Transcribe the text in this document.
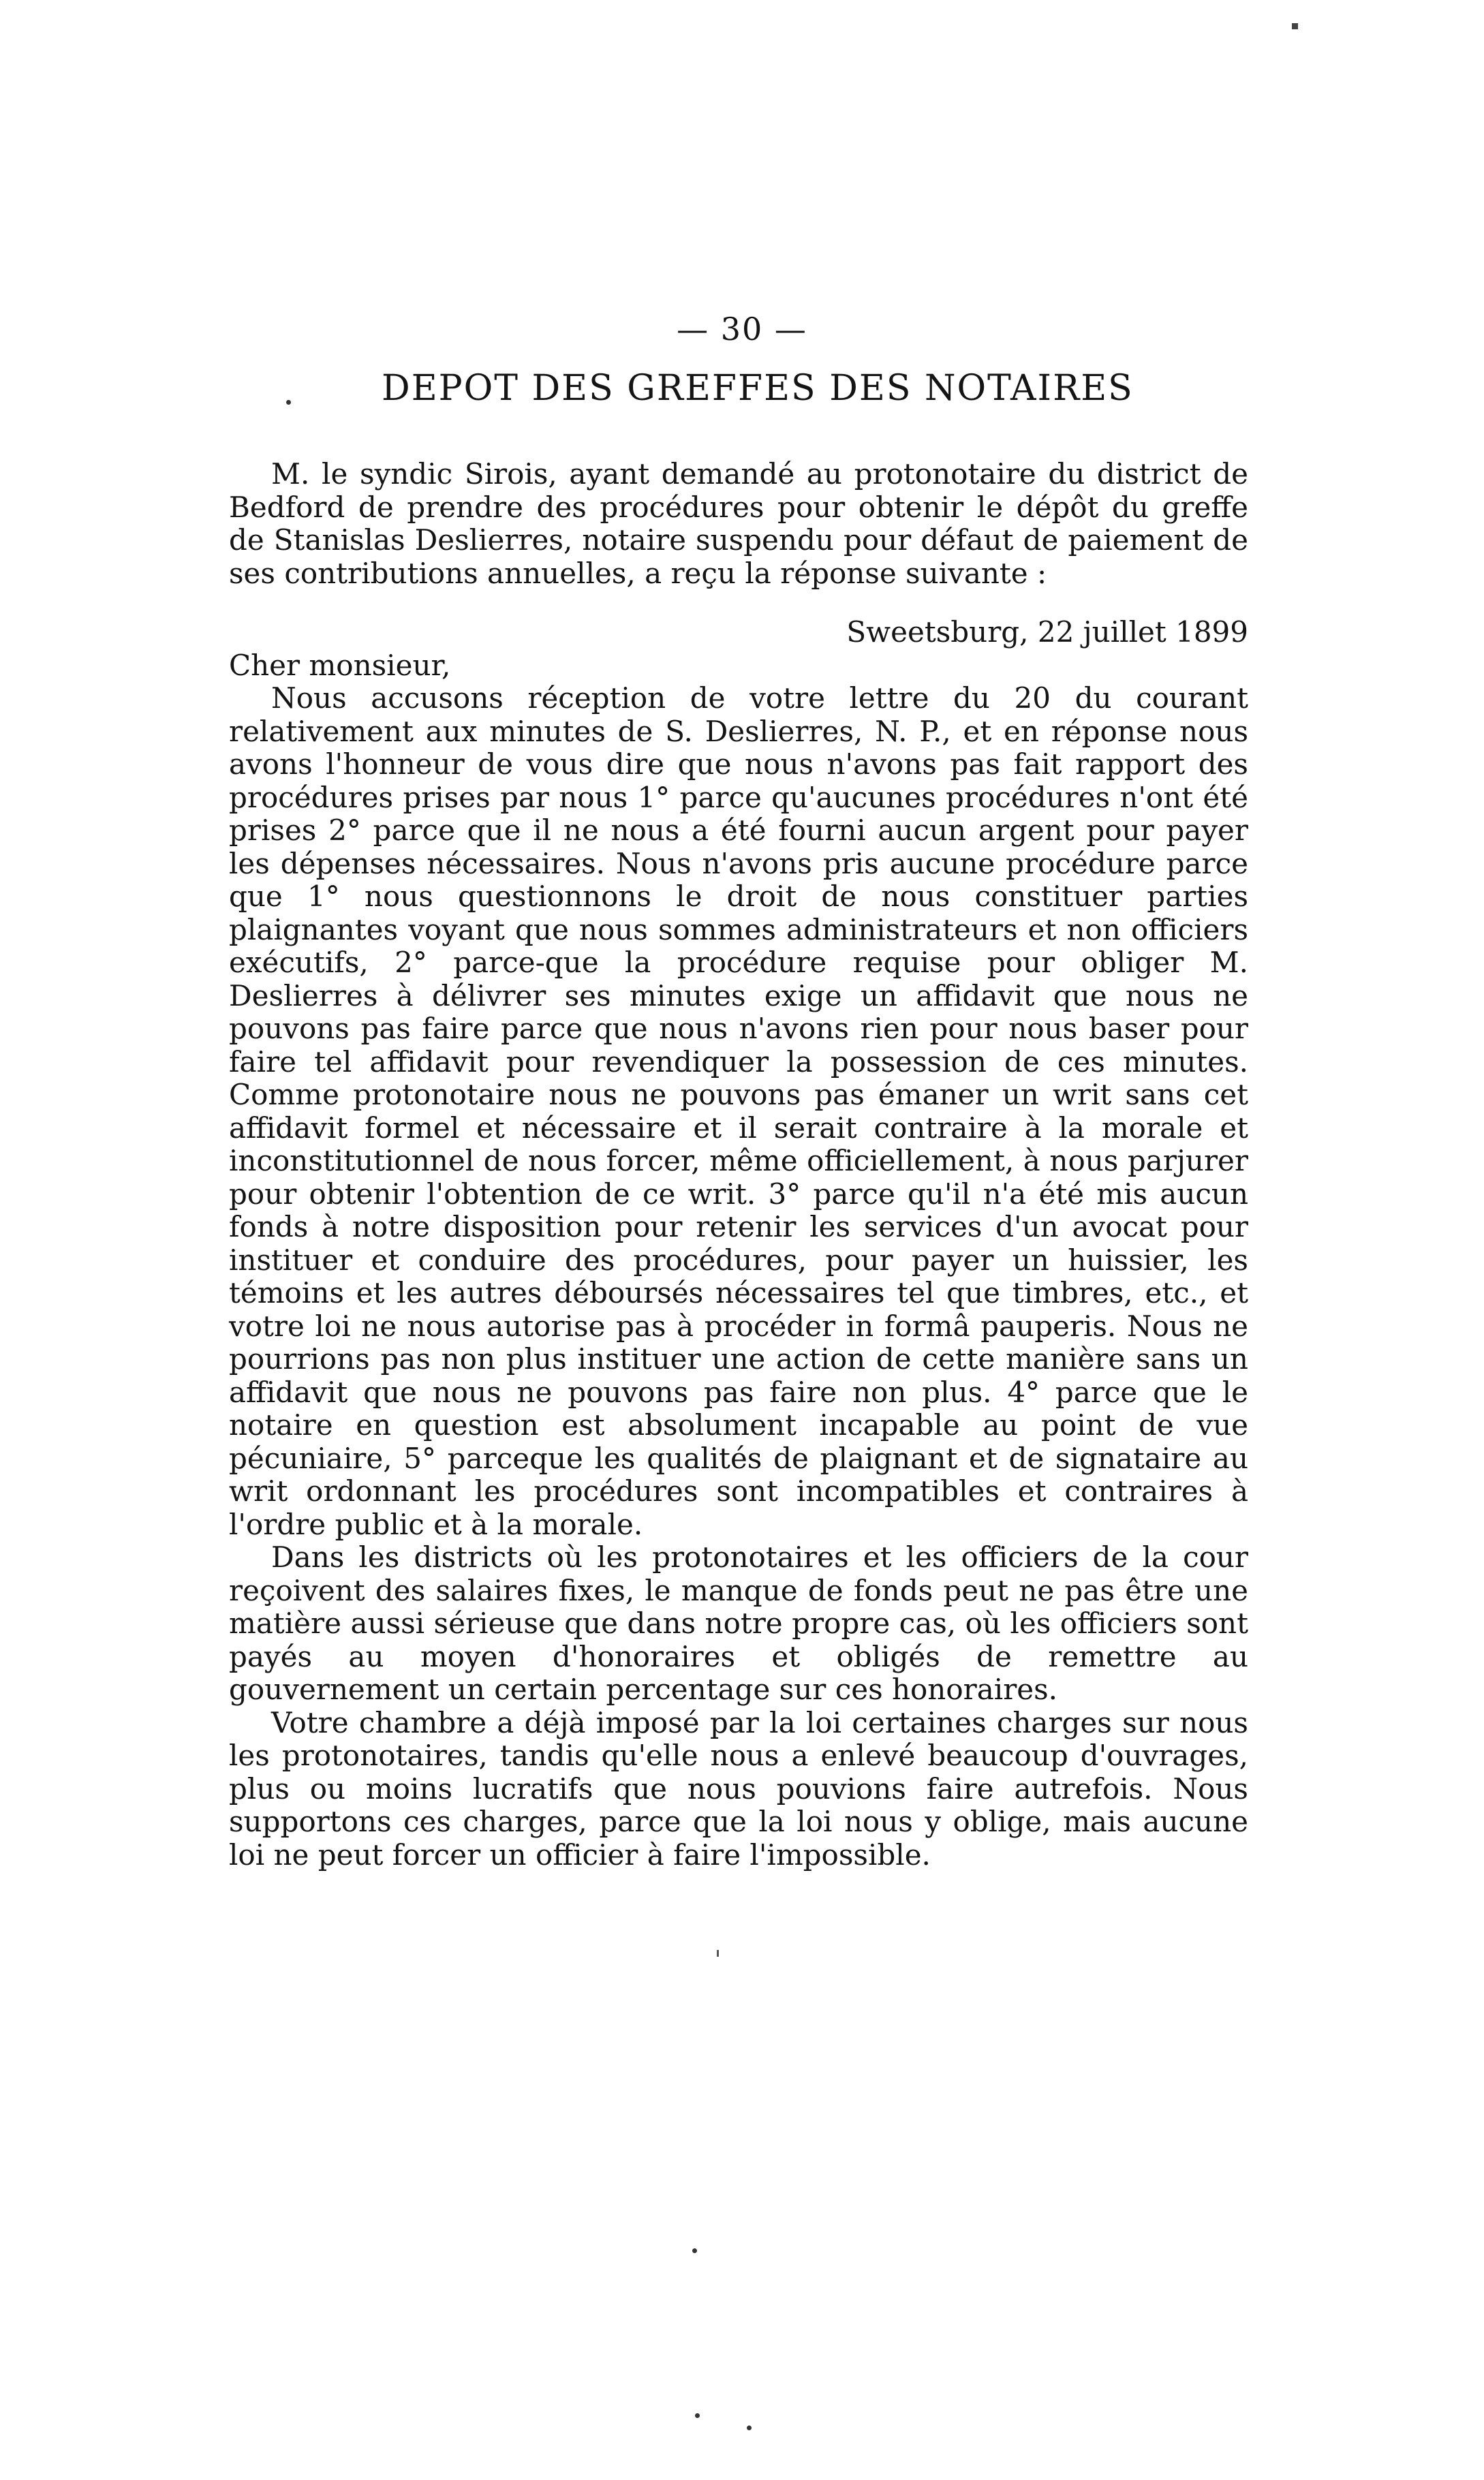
— 30 —
DEPOT DES GREFFES DES NOTAIRES

M. le syndic Sirois, ayant demandé au protonotaire du district de Bedford de prendre des procédures pour obtenir le dépôt du greffe de Stanislas Deslierres, notaire suspendu pour défaut de paiement de ses contributions annuelles, a reçu la réponse suivante :

Sweetsburg, 22 juillet 1899

Cher monsieur,

Nous accusons réception de votre lettre du 20 du courant relativement aux minutes de S. Deslierres, N. P., et en réponse nous avons l'honneur de vous dire que nous n'avons pas fait rapport des procédures prises par nous 1° parce qu'aucunes procédures n'ont été prises 2° parce que il ne nous a été fourni aucun argent pour payer les dépenses nécessaires. Nous n'avons pris aucune procédure parce que 1° nous questionnons le droit de nous constituer parties plaignantes voyant que nous sommes administrateurs et non officiers exécutifs, 2° parce-que la procédure requise pour obliger M. Deslierres à délivrer ses minutes exige un affidavit que nous ne pouvons pas faire parce que nous n'avons rien pour nous baser pour faire tel affidavit pour revendiquer la possession de ces minutes. Comme protonotaire nous ne pouvons pas émaner un writ sans cet affidavit formel et nécessaire et il serait contraire à la morale et inconstitutionnel de nous forcer, même officiellement, à nous parjurer pour obtenir l'obtention de ce writ. 3° parce qu'il n'a été mis aucun fonds à notre disposition pour retenir les services d'un avocat pour instituer et conduire des procédures, pour payer un huissier, les témoins et les autres déboursés nécessaires tel que timbres, etc., et votre loi ne nous autorise pas à procéder in formâ pauperis. Nous ne pourrions pas non plus instituer une action de cette manière sans un affidavit que nous ne pouvons pas faire non plus. 4° parce que le notaire en question est absolument incapable au point de vue pécuniaire, 5° parceque les qualités de plaignant et de signataire au writ ordonnant les procédures sont incompatibles et contraires à l'ordre public et à la morale.

Dans les districts où les protonotaires et les officiers de la cour reçoivent des salaires fixes, le manque de fonds peut ne pas être une matière aussi sérieuse que dans notre propre cas, où les officiers sont payés au moyen d'honoraires et obligés de remettre au gouvernement un certain percentage sur ces honoraires.

Votre chambre a déjà imposé par la loi certaines charges sur nous les protonotaires, tandis qu'elle nous a enlevé beaucoup d'ouvrages, plus ou moins lucratifs que nous pouvions faire autrefois. Nous supportons ces charges, parce que la loi nous y oblige, mais aucune loi ne peut forcer un officier à faire l'impossible.
